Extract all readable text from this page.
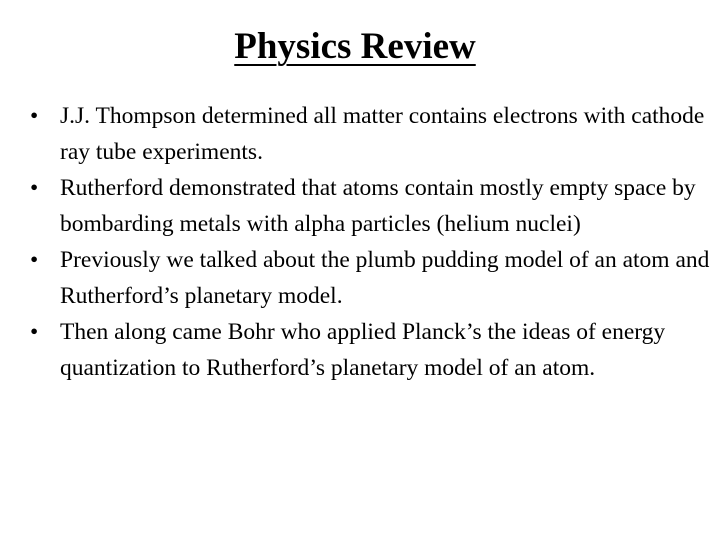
Physics Review
• J.J. Thompson determined all matter contains electrons with cathode ray tube experiments.
• Rutherford demonstrated that atoms contain mostly empty space by bombarding metals with alpha particles (helium nuclei)
• Previously we talked about the plumb pudding model of an atom and Rutherford’s planetary model.
• Then along came Bohr who applied Planck’s the ideas of energy quantization to Rutherford’s planetary model of an atom.
